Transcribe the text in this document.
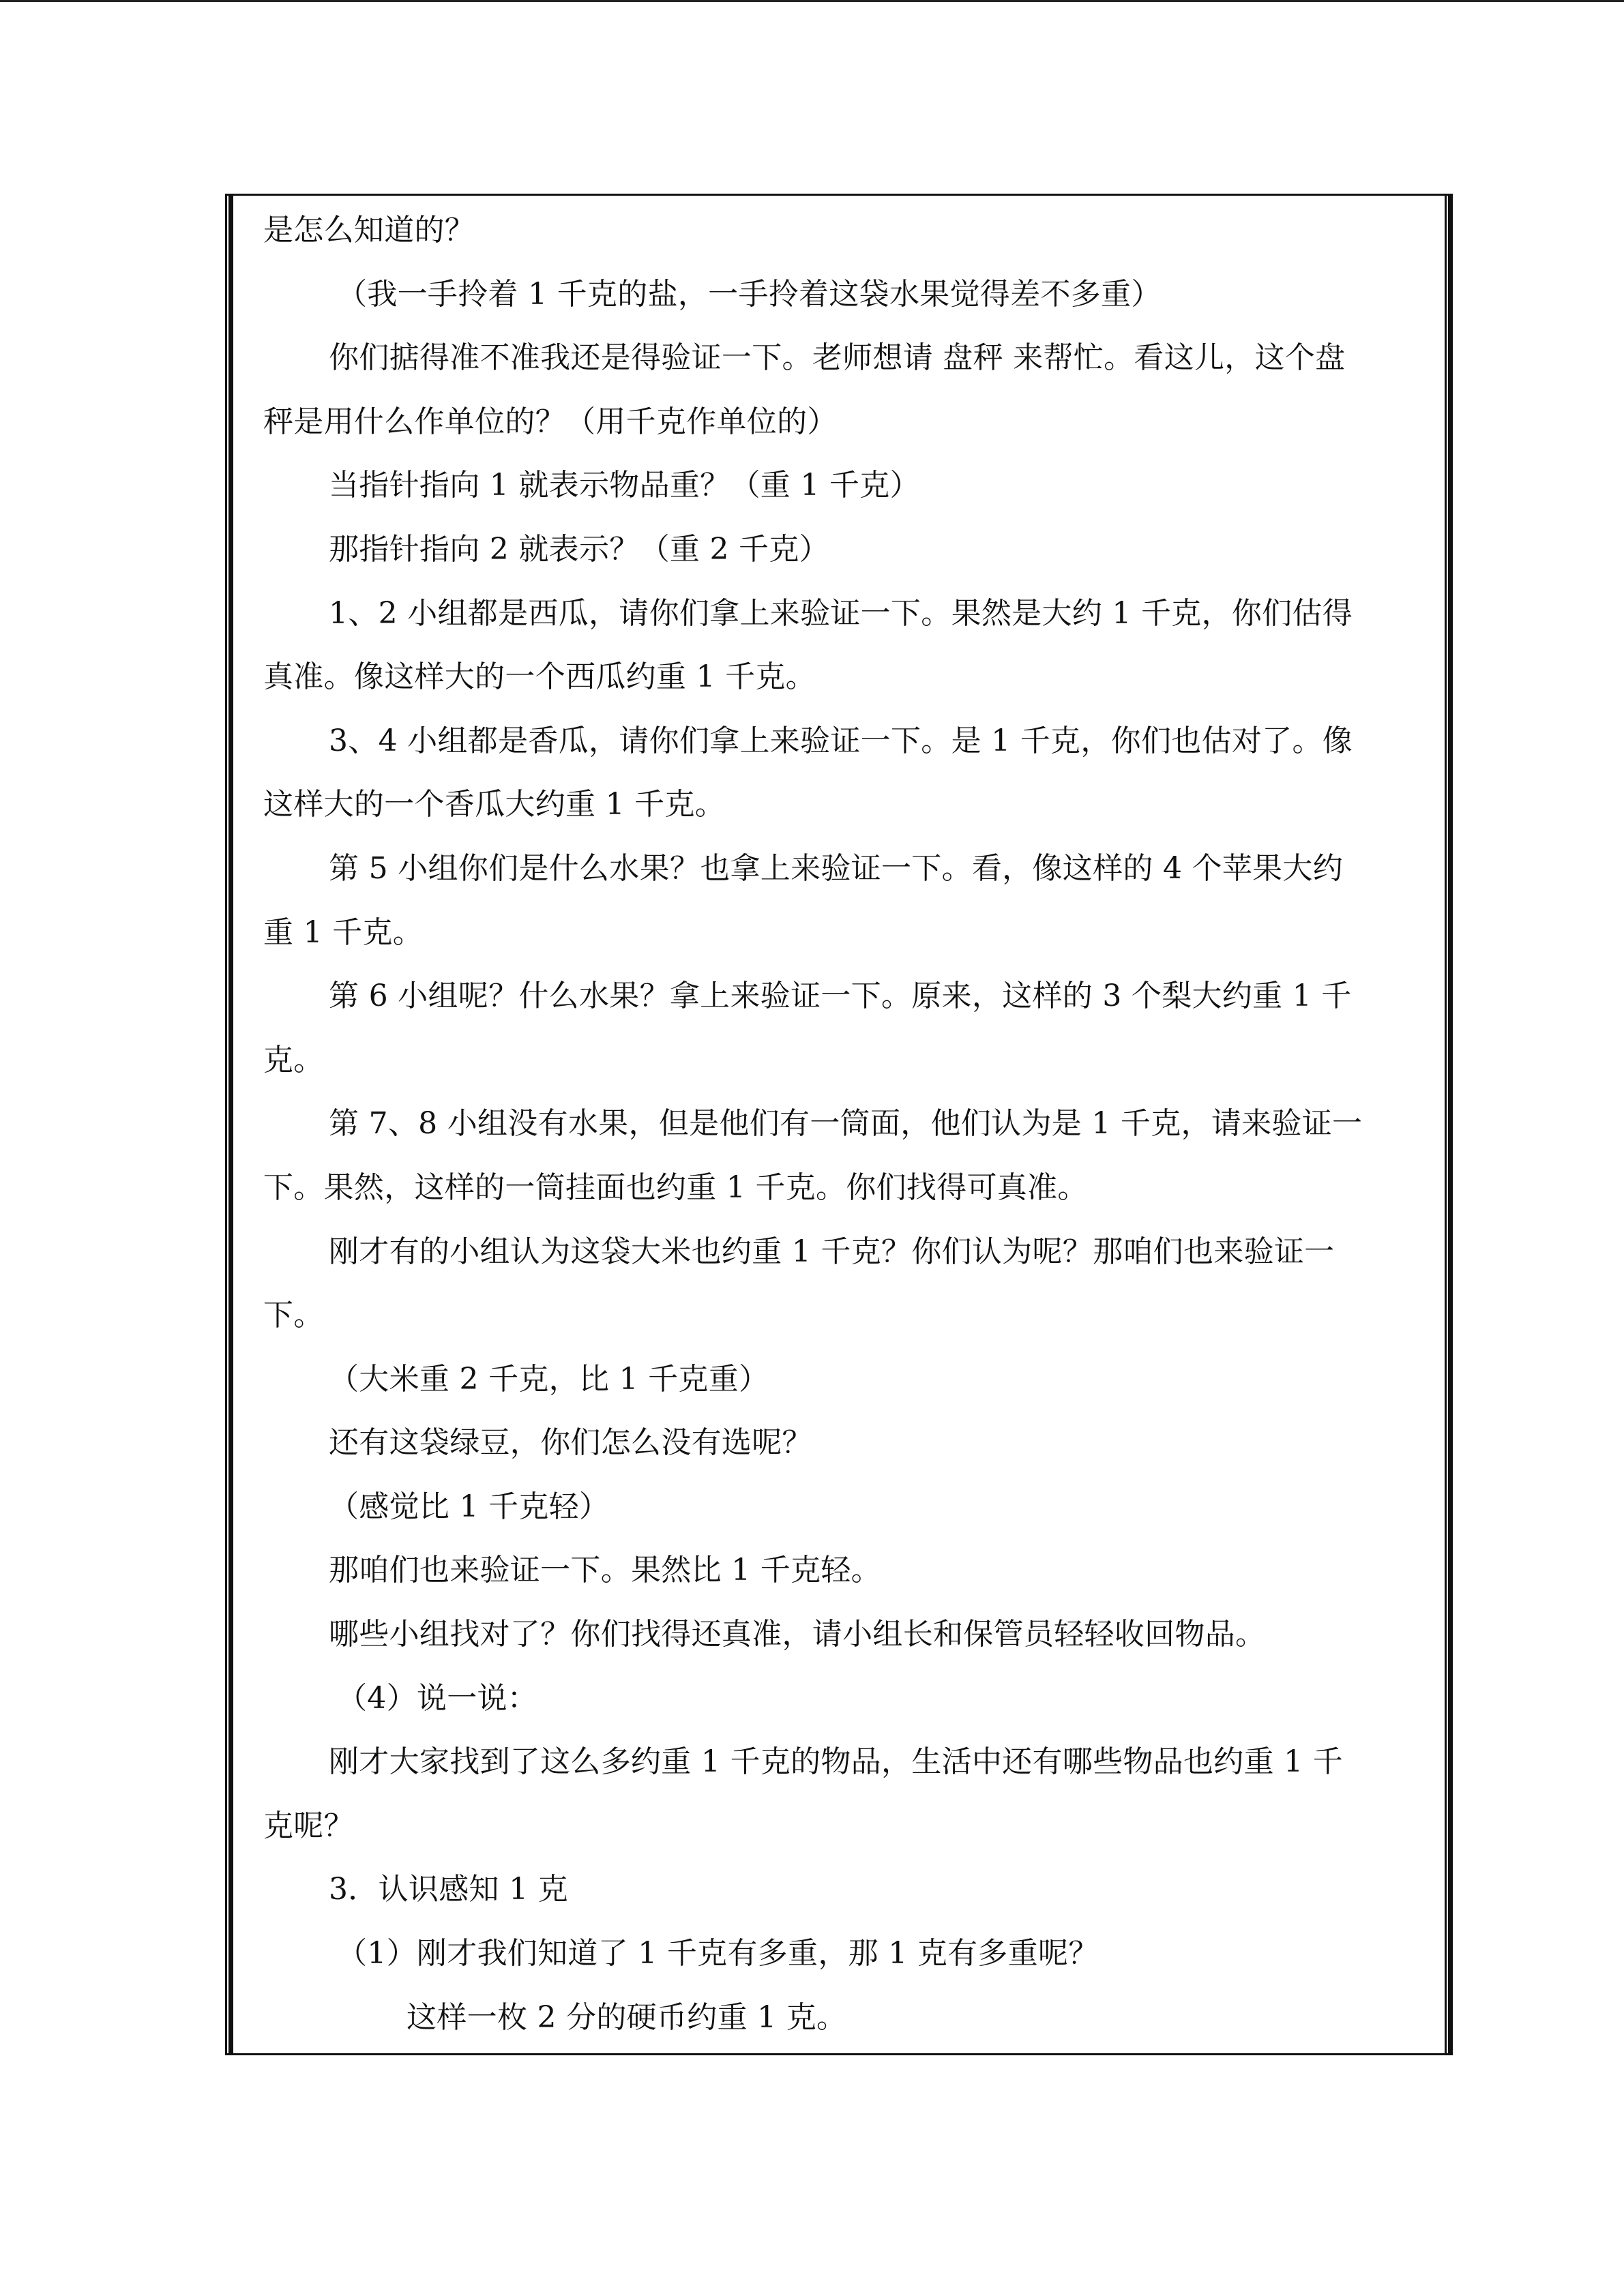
是怎么知道的？
（我一手拎着 1 千克的盐，一手拎着这袋水果觉得差不多重）
你们掂得准不准我还是得验证一下。老师想请 盘秤 来帮忙。看这儿，这个盘
秤是用什么作单位的？（用千克作单位的）
当指针指向 1 就表示物品重？（重 1 千克）
那指针指向 2 就表示？（重 2 千克）
1、2 小组都是西瓜，请你们拿上来验证一下。果然是大约 1 千克，你们估得
真准。像这样大的一个西瓜约重 1 千克。
3、4 小组都是香瓜，请你们拿上来验证一下。是 1 千克，你们也估对了。像
这样大的一个香瓜大约重 1 千克。
第 5 小组你们是什么水果？也拿上来验证一下。看，像这样的 4 个苹果大约
重 1 千克。
第 6 小组呢？什么水果？拿上来验证一下。原来，这样的 3 个梨大约重 1 千
克。
第 7、8 小组没有水果，但是他们有一筒面，他们认为是 1 千克，请来验证一
下。果然，这样的一筒挂面也约重 1 千克。你们找得可真准。
刚才有的小组认为这袋大米也约重 1 千克？你们认为呢？那咱们也来验证一
下。
（大米重 2 千克，比 1 千克重）
还有这袋绿豆，你们怎么没有选呢？
（感觉比 1 千克轻）
那咱们也来验证一下。果然比 1 千克轻。
哪些小组找对了？你们找得还真准，请小组长和保管员轻轻收回物品。
（4）说一说：
刚才大家找到了这么多约重 1 千克的物品，生活中还有哪些物品也约重 1 千
克呢？
3．认识感知 1 克
（1）刚才我们知道了 1 千克有多重，那 1 克有多重呢？
这样一枚 2 分的硬币约重 1 克。
